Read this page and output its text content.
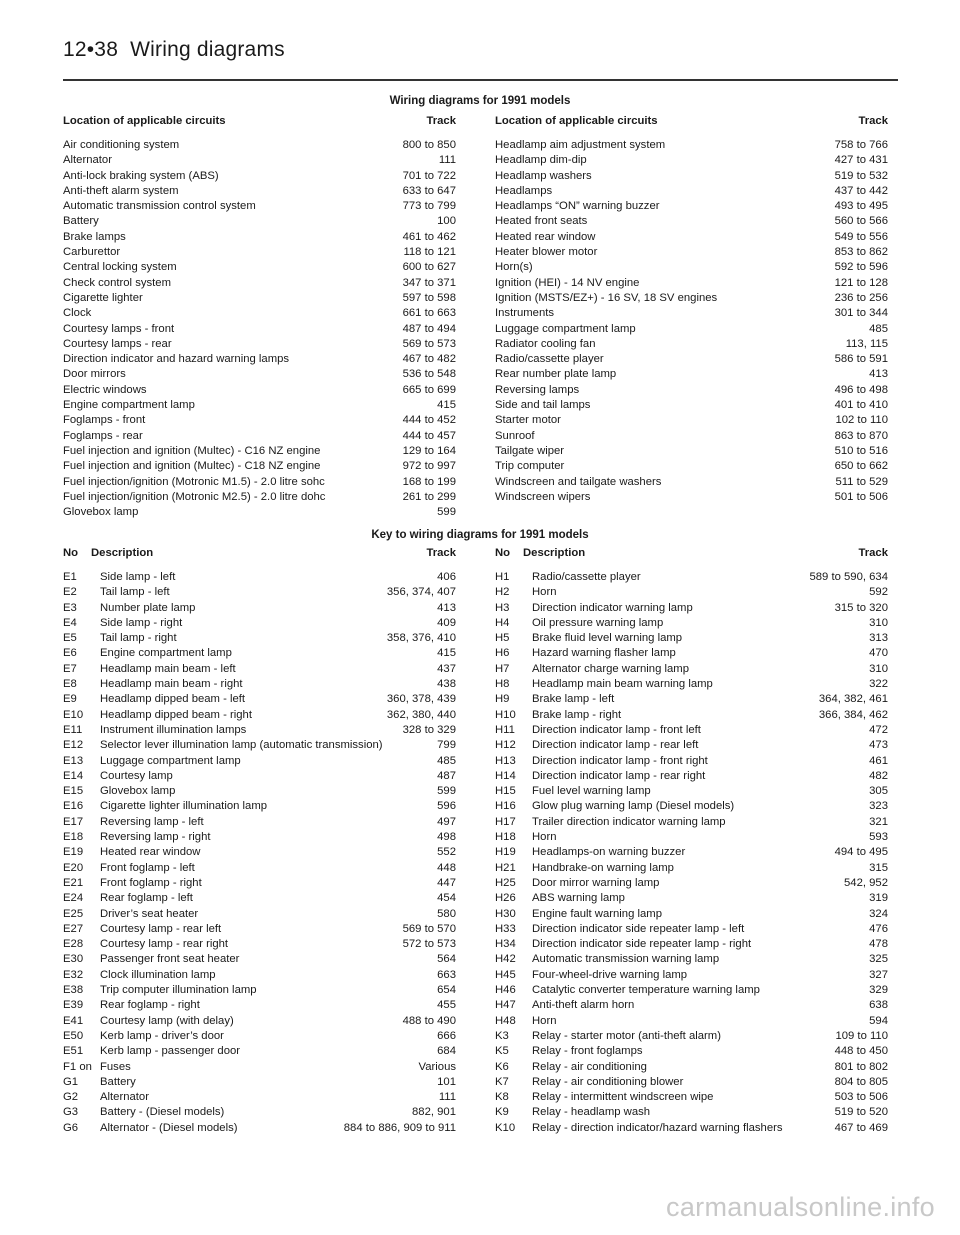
12•38 Wiring diagrams
Wiring diagrams for 1991 models
Location of applicable circuits	Track
Air conditioning system	800 to 850
Alternator	111
Anti-lock braking system (ABS)	701 to 722
Anti-theft alarm system	633 to 647
Automatic transmission control system	773 to 799
Battery	100
Brake lamps	461 to 462
Carburettor	118 to 121
Central locking system	600 to 627
Check control system	347 to 371
Cigarette lighter	597 to 598
Clock	661 to 663
Courtesy lamps - front	487 to 494
Courtesy lamps - rear	569 to 573
Direction indicator and hazard warning lamps	467 to 482
Door mirrors	536 to 548
Electric windows	665 to 699
Engine compartment lamp	415
Foglamps - front	444 to 452
Foglamps - rear	444 to 457
Fuel injection and ignition (Multec) - C16 NZ engine	129 to 164
Fuel injection and ignition (Multec) - C18 NZ engine	972 to 997
Fuel injection/ignition (Motronic M1.5) - 2.0 litre sohc	168 to 199
Fuel injection/ignition (Motronic M2.5) - 2.0 litre dohc	261 to 299
Glovebox lamp	599
Location of applicable circuits	Track
Headlamp aim adjustment system	758 to 766
Headlamp dim-dip	427 to 431
Headlamp washers	519 to 532
Headlamps	437 to 442
Headlamps “ON” warning buzzer	493 to 495
Heated front seats	560 to 566
Heated rear window	549 to 556
Heater blower motor	853 to 862
Horn(s)	592 to 596
Ignition (HEI) - 14 NV engine	121 to 128
Ignition (MSTS/EZ+) - 16 SV, 18 SV engines	236 to 256
Instruments	301 to 344
Luggage compartment lamp	485
Radiator cooling fan	113, 115
Radio/cassette player	586 to 591
Rear number plate lamp	413
Reversing lamps	496 to 498
Side and tail lamps	401 to 410
Starter motor	102 to 110
Sunroof	863 to 870
Tailgate wiper	510 to 516
Trip computer	650 to 662
Windscreen and tailgate washers	511 to 529
Windscreen wipers	501 to 506
Key to wiring diagrams for 1991 models
No	Description	Track
E1	Side lamp - left	406
E2	Tail lamp - left	356, 374, 407
E3	Number plate lamp	413
E4	Side lamp - right	409
E5	Tail lamp - right	358, 376, 410
E6	Engine compartment lamp	415
E7	Headlamp main beam - left	437
E8	Headlamp main beam - right	438
E9	Headlamp dipped beam - left	360, 378, 439
E10	Headlamp dipped beam - right	362, 380, 440
E11	Instrument illumination lamps	328 to 329
E12	Selector lever illumination lamp (automatic transmission)	799
E13	Luggage compartment lamp	485
E14	Courtesy lamp	487
E15	Glovebox lamp	599
E16	Cigarette lighter illumination lamp	596
E17	Reversing lamp - left	497
E18	Reversing lamp - right	498
E19	Heated rear window	552
E20	Front foglamp - left	448
E21	Front foglamp - right	447
E24	Rear foglamp - left	454
E25	Driver’s seat heater	580
E27	Courtesy lamp - rear left	569 to 570
E28	Courtesy lamp - rear right	572 to 573
E30	Passenger front seat heater	564
E32	Clock illumination lamp	663
E38	Trip computer illumination lamp	654
E39	Rear foglamp - right	455
E41	Courtesy lamp (with delay)	488 to 490
E50	Kerb lamp - driver’s door	666
E51	Kerb lamp - passenger door	684
F1 on Fuses	Various
G1	Battery	101
G2	Alternator	111
G3	Battery - (Diesel models)	882, 901
G6	Alternator - (Diesel models)	884 to 886, 909 to 911
No	Description	Track
H1	Radio/cassette player	589 to 590, 634
H2	Horn	592
H3	Direction indicator warning lamp	315 to 320
H4	Oil pressure warning lamp	310
H5	Brake fluid level warning lamp	313
H6	Hazard warning flasher lamp	470
H7	Alternator charge warning lamp	310
H8	Headlamp main beam warning lamp	322
H9	Brake lamp - left	364, 382, 461
H10	Brake lamp - right	366, 384, 462
H11	Direction indicator lamp - front left	472
H12	Direction indicator lamp - rear left	473
H13	Direction indicator lamp - front right	461
H14	Direction indicator lamp - rear right	482
H15	Fuel level warning lamp	305
H16	Glow plug warning lamp (Diesel models)	323
H17	Trailer direction indicator warning lamp	321
H18	Horn	593
H19	Headlamps-on warning buzzer	494 to 495
H21	Handbrake-on warning lamp	315
H25	Door mirror warning lamp	542, 952
H26	ABS warning lamp	319
H30	Engine fault warning lamp	324
H33	Direction indicator side repeater lamp - left	476
H34	Direction indicator side repeater lamp - right	478
H42	Automatic transmission warning lamp	325
H45	Four-wheel-drive warning lamp	327
H46	Catalytic converter temperature warning lamp	329
H47	Anti-theft alarm horn	638
H48	Horn	594
K3	Relay - starter motor (anti-theft alarm)	109 to 110
K5	Relay - front foglamps	448 to 450
K6	Relay - air conditioning	801 to 802
K7	Relay - air conditioning blower	804 to 805
K8	Relay - intermittent windscreen wipe	503 to 506
K9	Relay - headlamp wash	519 to 520
K10	Relay - direction indicator/hazard warning flashers	467 to 469
carmanualsonline.info
